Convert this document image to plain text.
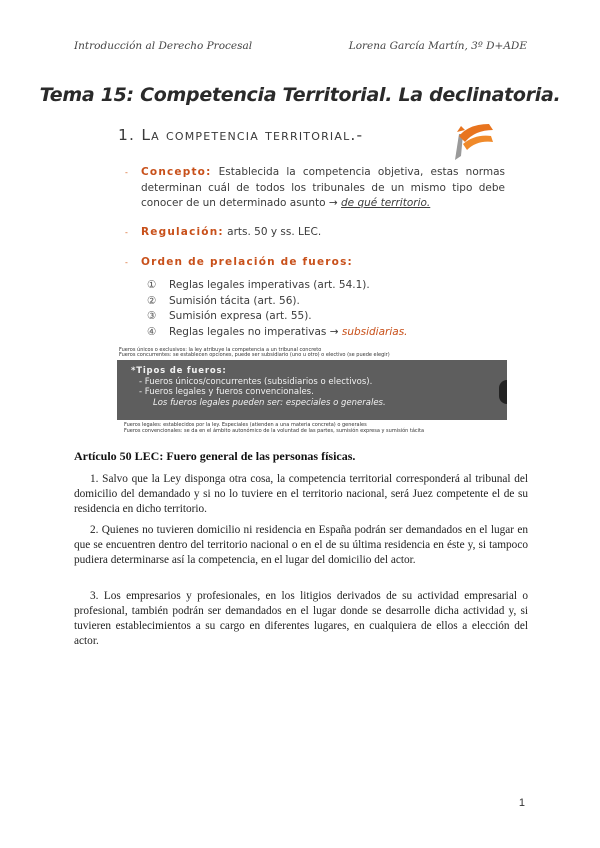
Introducción al Derecho Procesal	Lorena García Martín, 3º D+ADE
Tema 15: Competencia Territorial. La declinatoria.
1. La competencia territorial.-
-	Concepto: Establecida la competencia objetiva, estas normas determinan cuál de todos los tribunales de un mismo tipo debe conocer de un determinado asunto → de qué territorio.
- Regulación: arts. 50 y ss. LEC.
- Orden de prelación de fueros:
① Reglas legales imperativas (art. 54.1).
② Sumisión tácita (art. 56).
③ Sumisión expresa (art. 55).
④ Reglas legales no imperativas → subsidiarias.
Fueros únicos o exclusivos: la ley atribuye la competencia a un tribunal concreto
Fueros concurrentes: se establecen opciones, puede ser subsidiario (uno u otro) o electivo (se puede elegir)
*Tipos de fueros:
- Fueros únicos/concurrentes (subsidiarios o electivos).
- Fueros legales y fueros convencionales.
Los fueros legales pueden ser: especiales o generales.
Fueros legales: establecidos por la ley. Especiales (atienden a una materia concreta) o generales
Fueros convencionales: se da en el ámbito autonómico de la voluntad de las partes, sumisión expresa y sumisión tácita
Artículo 50 LEC: Fuero general de las personas físicas.
1. Salvo que la Ley disponga otra cosa, la competencia territorial corresponderá al tribunal del domicilio del demandado y si no lo tuviere en el territorio nacional, será Juez competente el de su residencia en dicho territorio.
2. Quienes no tuvieren domicilio ni residencia en España podrán ser demandados en el lugar en que se encuentren dentro del territorio nacional o en el de su última residencia en éste y, si tampoco pudiera determinarse así la competencia, en el lugar del domicilio del actor.
3. Los empresarios y profesionales, en los litigios derivados de su actividad empresarial o profesional, también podrán ser demandados en el lugar donde se desarrolle dicha actividad y, si tuvieren establecimientos a su cargo en diferentes lugares, en cualquiera de ellos a elección del actor.
1
